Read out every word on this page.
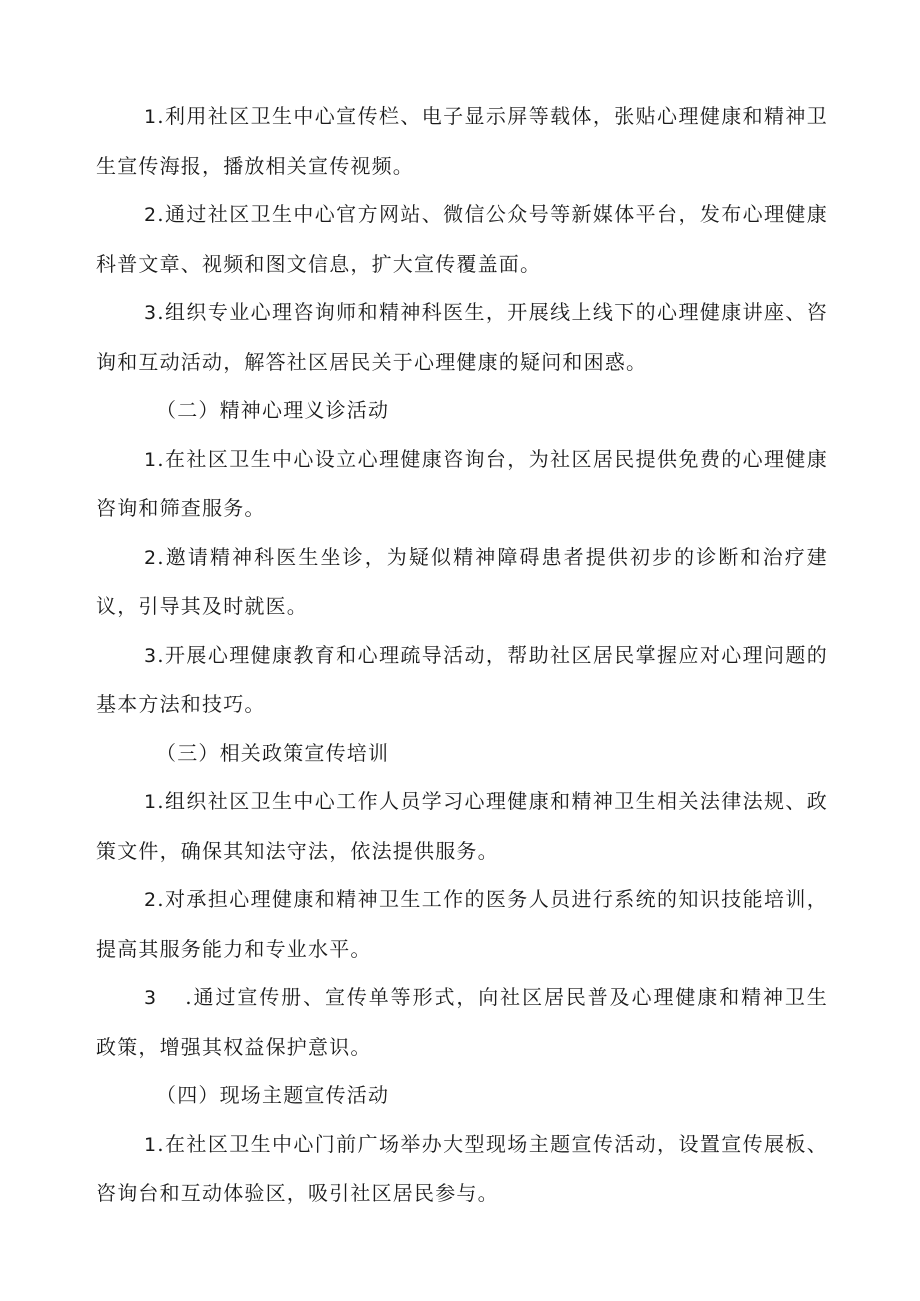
1.利用社区卫生中心宣传栏、电子显示屏等载体，张贴心理健康和精神卫生宣传海报，播放相关宣传视频。

2.通过社区卫生中心官方网站、微信公众号等新媒体平台，发布心理健康科普文章、视频和图文信息，扩大宣传覆盖面。

3.组织专业心理咨询师和精神科医生，开展线上线下的心理健康讲座、咨询和互动活动，解答社区居民关于心理健康的疑问和困惑。

（二）精神心理义诊活动

1.在社区卫生中心设立心理健康咨询台，为社区居民提供免费的心理健康咨询和筛查服务。

2.邀请精神科医生坐诊，为疑似精神障碍患者提供初步的诊断和治疗建议，引导其及时就医。

3.开展心理健康教育和心理疏导活动，帮助社区居民掌握应对心理问题的基本方法和技巧。

（三）相关政策宣传培训

1.组织社区卫生中心工作人员学习心理健康和精神卫生相关法律法规、政策文件，确保其知法守法，依法提供服务。

2.对承担心理健康和精神卫生工作的医务人员进行系统的知识技能培训，提高其服务能力和专业水平。

3 .通过宣传册、宣传单等形式，向社区居民普及心理健康和精神卫生政策，增强其权益保护意识。

（四）现场主题宣传活动

1.在社区卫生中心门前广场举办大型现场主题宣传活动，设置宣传展板、咨询台和互动体验区，吸引社区居民参与。
